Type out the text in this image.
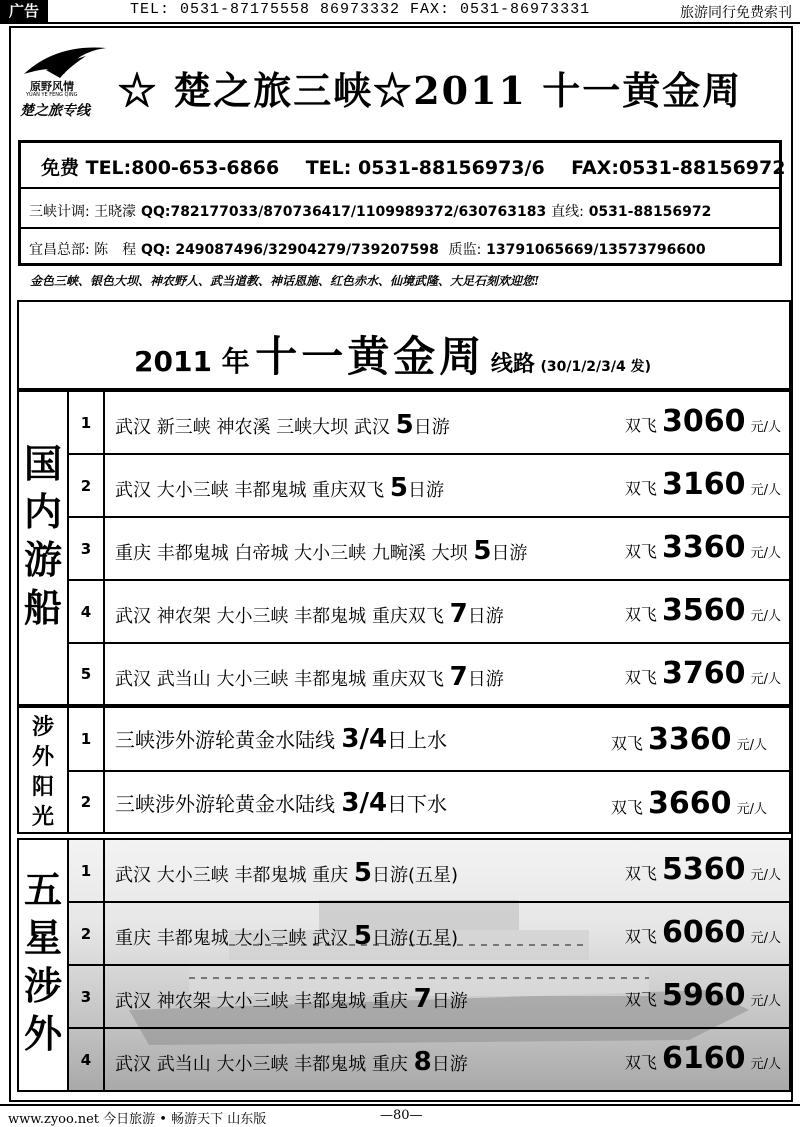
广告	TEL: 0531-87175558 86973332 FAX: 0531-86973331	旅游同行免费索刊
原野风情
YUAN YE FENG QING
楚之旅专线 ☆ 楚之旅三峡☆2011 十一黄金周
免费 TEL:800-653-6866 TEL: 0531-88156973/6 FAX:0531-88156972
三峡计调: 王晓濛 QQ:782177033/870736417/1109989372/630763183 直线: 0531-88156972
宜昌总部: 陈　程 QQ: 249087496/32904279/739207598 质监: 13791065669/13573796600
金色三峡、银色大坝、神农野人、武当道教、神话恩施、红色赤水、仙境武隆、大足石刻欢迎您!
2011 年 十一黄金周 线路 (30/1/2/3/4 发)
国
内
游
船
1	武汉 新三峡 神农溪 三峡大坝 武汉 5日游	双飞 3060 元/人
2	武汉 大小三峡 丰都鬼城 重庆双飞 5日游	双飞 3160 元/人
3	重庆 丰都鬼城 白帝城 大小三峡 九畹溪 大坝 5日游	双飞 3360 元/人
4	武汉 神农架 大小三峡 丰都鬼城 重庆双飞 7日游	双飞 3560 元/人
5	武汉 武当山 大小三峡 丰都鬼城 重庆双飞 7日游	双飞 3760 元/人
涉
外
阳
光
1	三峡涉外游轮黄金水陆线 3/4日上水	双飞 3360 元/人
2	三峡涉外游轮黄金水陆线 3/4日下水	双飞 3660 元/人
五
星
涉
外
1	武汉 大小三峡 丰都鬼城 重庆 5日游(五星)	双飞 5360 元/人
2	重庆 丰都鬼城 大小三峡 武汉 5日游(五星)	双飞 6060 元/人
3	武汉 神农架 大小三峡 丰都鬼城 重庆 7日游	双飞 5960 元/人
4	武汉 武当山 大小三峡 丰都鬼城 重庆 8日游	双飞 6160 元/人
www.zyoo.net 今日旅游 • 畅游天下 山东版	—80—
